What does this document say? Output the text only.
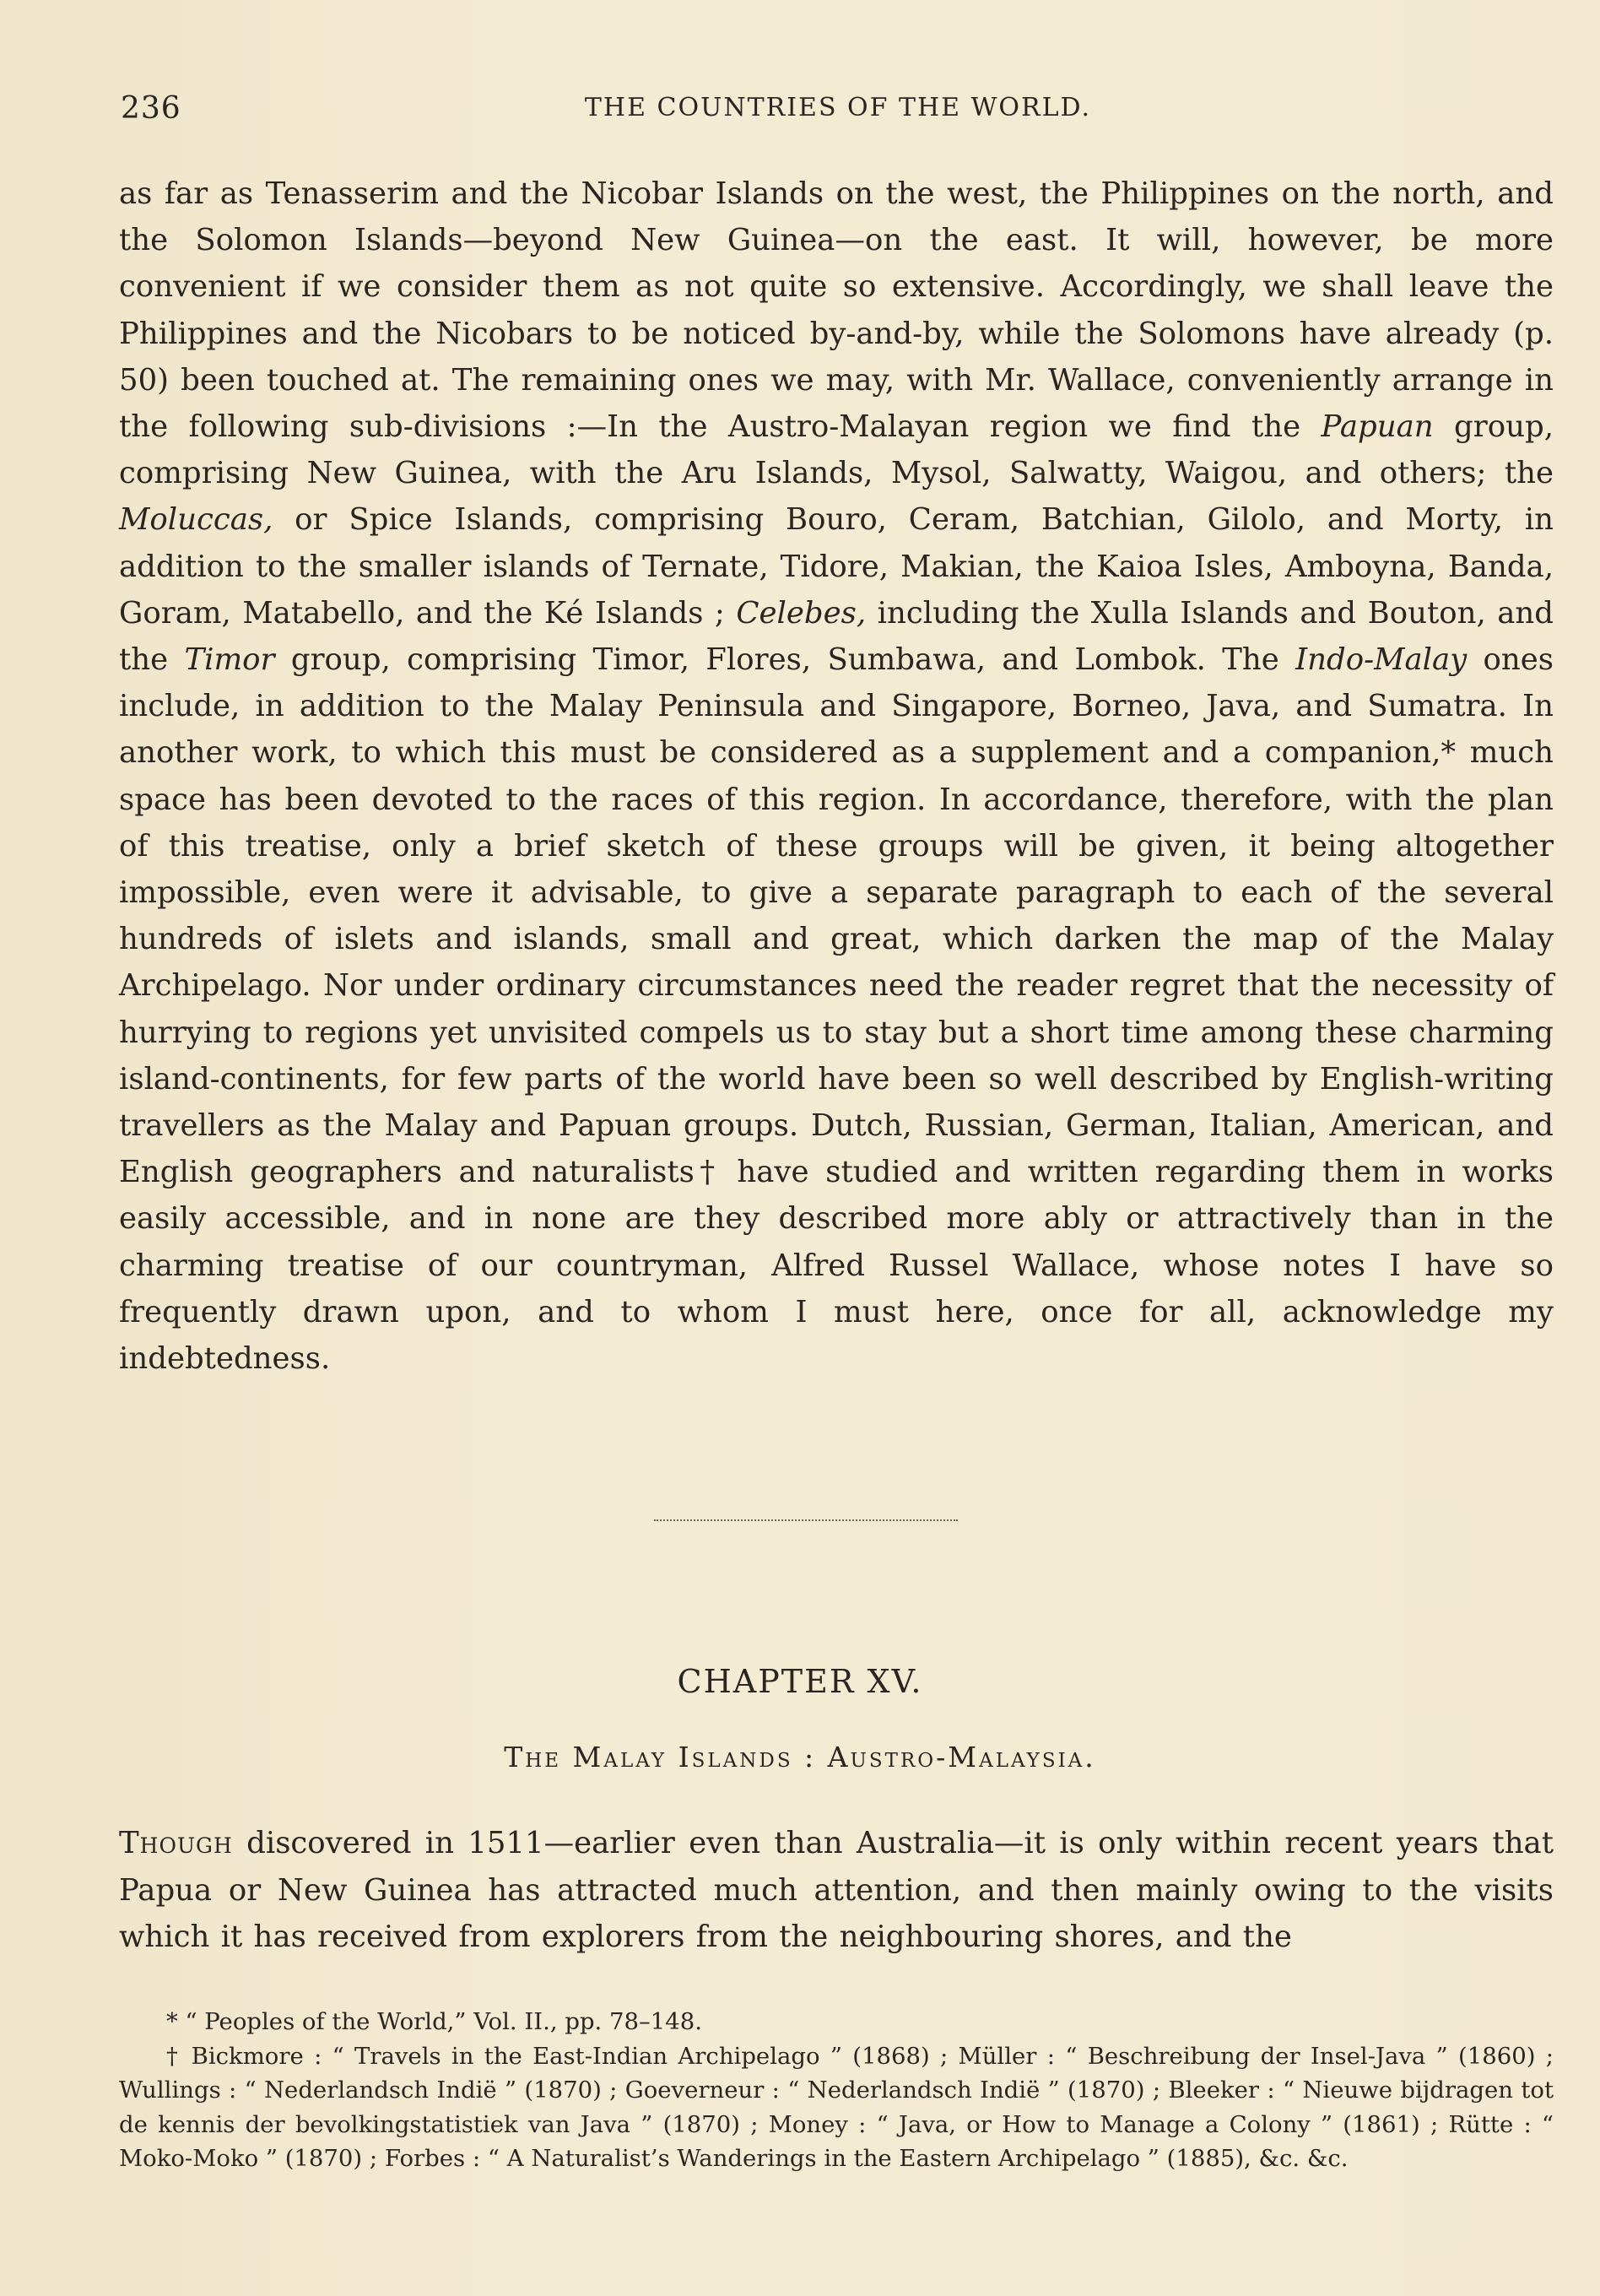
236	THE COUNTRIES OF THE WORLD.

as far as Tenasserim and the Nicobar Islands on the west, the Philippines on the north, and the Solomon Islands—beyond New Guinea—on the east. It will, however, be more convenient if we consider them as not quite so extensive. Accordingly, we shall leave the Philippines and the Nicobars to be noticed by-and-by, while the Solomons have already (p. 50) been touched at. The remaining ones we may, with Mr. Wallace, conveniently arrange in the following sub-divisions :—In the Austro-Malayan region we find the Papuan group, comprising New Guinea, with the Aru Islands, Mysol, Salwatty, Waigou, and others; the Moluccas, or Spice Islands, comprising Bouro, Ceram, Batchian, Gilolo, and Morty, in addition to the smaller islands of Ternate, Tidore, Makian, the Kaioa Isles, Amboyna, Banda, Goram, Matabello, and the Ké Islands ; Celebes, including the Xulla Islands and Bouton, and the Timor group, comprising Timor, Flores, Sumbawa, and Lombok. The Indo-Malay ones include, in addition to the Malay Peninsula and Singapore, Borneo, Java, and Sumatra. In another work, to which this must be considered as a supplement and a companion,* much space has been devoted to the races of this region. In accordance, therefore, with the plan of this treatise, only a brief sketch of these groups will be given, it being altogether impossible, even were it advisable, to give a separate paragraph to each of the several hundreds of islets and islands, small and great, which darken the map of the Malay Archipelago. Nor under ordinary circumstances need the reader regret that the necessity of hurrying to regions yet unvisited compels us to stay but a short time among these charming island-continents, for few parts of the world have been so well described by English-writing travellers as the Malay and Papuan groups. Dutch, Russian, German, Italian, American, and English geographers and naturalists† have studied and written regarding them in works easily accessible, and in none are they described more ably or attractively than in the charming treatise of our countryman, Alfred Russel Wallace, whose notes I have so frequently drawn upon, and to whom I must here, once for all, acknowledge my indebtedness.

CHAPTER XV.
The Malay Islands : Austro-Malaysia.

Though discovered in 1511—earlier even than Australia—it is only within recent years that Papua or New Guinea has attracted much attention, and then mainly owing to the visits which it has received from explorers from the neighbouring shores, and the

* “ Peoples of the World,” Vol. II., pp. 78–148.

† Bickmore : “ Travels in the East-Indian Archipelago ” (1868) ; Müller : “ Beschreibung der Insel-Java ” (1860) ; Wullings : “ Nederlandsch Indië ” (1870) ; Goeverneur : “ Nederlandsch Indië ” (1870) ; Bleeker : “ Nieuwe bijdragen tot de kennis der bevolkingstatistiek van Java ” (1870) ; Money : “ Java, or How to Manage a Colony ” (1861) ; Rütte : “ Moko-Moko ” (1870) ; Forbes : “ A Naturalist’s Wanderings in the Eastern Archipelago ” (1885), &c. &c.
